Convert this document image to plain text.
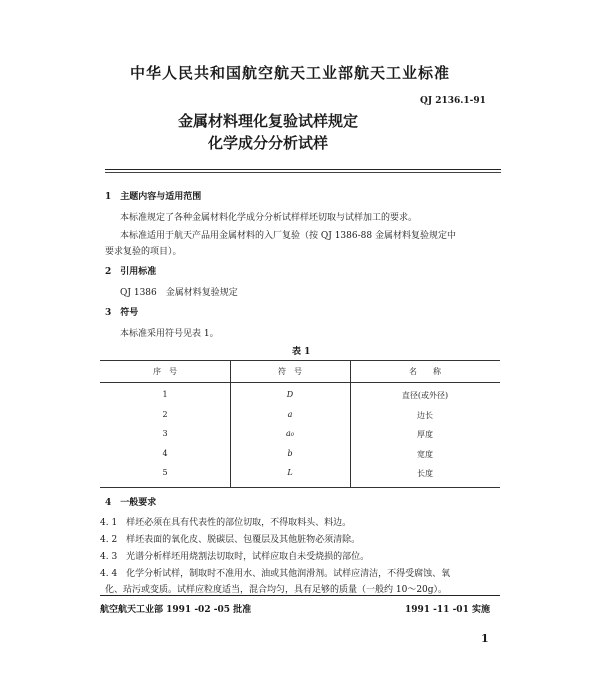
中华人民共和国航空航天工业部航天工业标准
QJ 2136.1-91
金属材料理化复验试样规定
化学成分分析试样
1　主题内容与适用范围
本标准规定了各种金属材料化学成分分析试样样坯切取与试样加工的要求。
本标准适用于航天产品用金属材料的入厂复验（按 QJ 1386-88 金属材料复验规定中
要求复验的项目）。
2　引用标准
QJ 1386　金属材料复验规定
3　符号
本标准采用符号见表 1。
表 1
序　号	符　号	名　　称
1	D	直径(或外径)
2	a	边长
3	a₀	厚度
4	b	宽度
5	L	长度
4　一般要求
4. 1　样坯必须在具有代表性的部位切取，不得取料头、料边。
4. 2　样坯表面的氧化皮、脱碳层、包覆层及其他脏物必须清除。
4. 3　光谱分析样坯用烧割法切取时，试样应取自未受烧损的部位。
4. 4　化学分析试样，制取时不准用水、油或其他润滑剂。试样应清洁，不得受腐蚀、氧
化、玷污或变质。试样应粒度适当，混合均匀，具有足够的质量（一般约 10～20g）。
航空航天工业部 1991 -02 -05 批准	1991 -11 -01 实施
1
